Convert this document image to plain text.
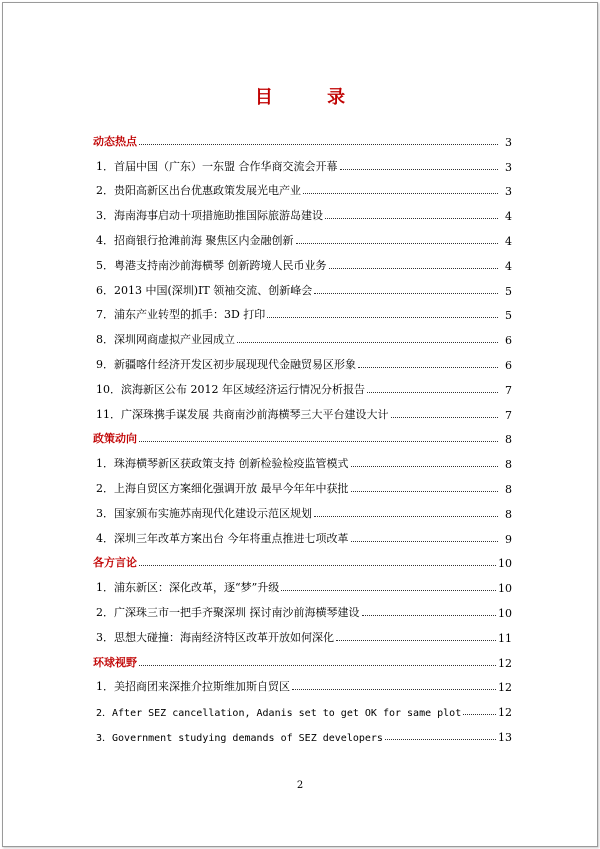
目 录
动态热点	3
1．首届中国（广东）一东盟 合作华商交流会开幕	3
2．贵阳高新区出台优惠政策发展光电产业	3
3．海南海事启动十项措施助推国际旅游岛建设	4
4．招商银行抢滩前海 聚焦区内金融创新	4
5．粤港支持南沙前海横琴 创新跨境人民币业务	4
6．2013 中国(深圳)IT 领袖交流、创新峰会	5
7．浦东产业转型的抓手：3D 打印	5
8．深圳网商虚拟产业园成立	6
9．新疆喀什经济开发区初步展现现代金融贸易区形象	6
10．滨海新区公布 2012 年区域经济运行情况分析报告	7
11．广深珠携手谋发展 共商南沙前海横琴三大平台建设大计	7
政策动向	8
1．珠海横琴新区获政策支持 创新检验检疫监管模式	8
2．上海自贸区方案细化强调开放 最早今年年中获批	8
3．国家颁布实施苏南现代化建设示范区规划	8
4．深圳三年改革方案出台 今年将重点推进七项改革	9
各方言论	10
1．浦东新区：深化改革，逐“梦”升级	10
2．广深珠三市一把手齐聚深圳 探讨南沙前海横琴建设	10
3．思想大碰撞：海南经济特区改革开放如何深化	11
环球视野	12
1．美招商团来深推介拉斯维加斯自贸区	12
2．After SEZ cancellation, Adanis set to get OK for same plot	12
3．Government studying demands of SEZ developers	13
2
